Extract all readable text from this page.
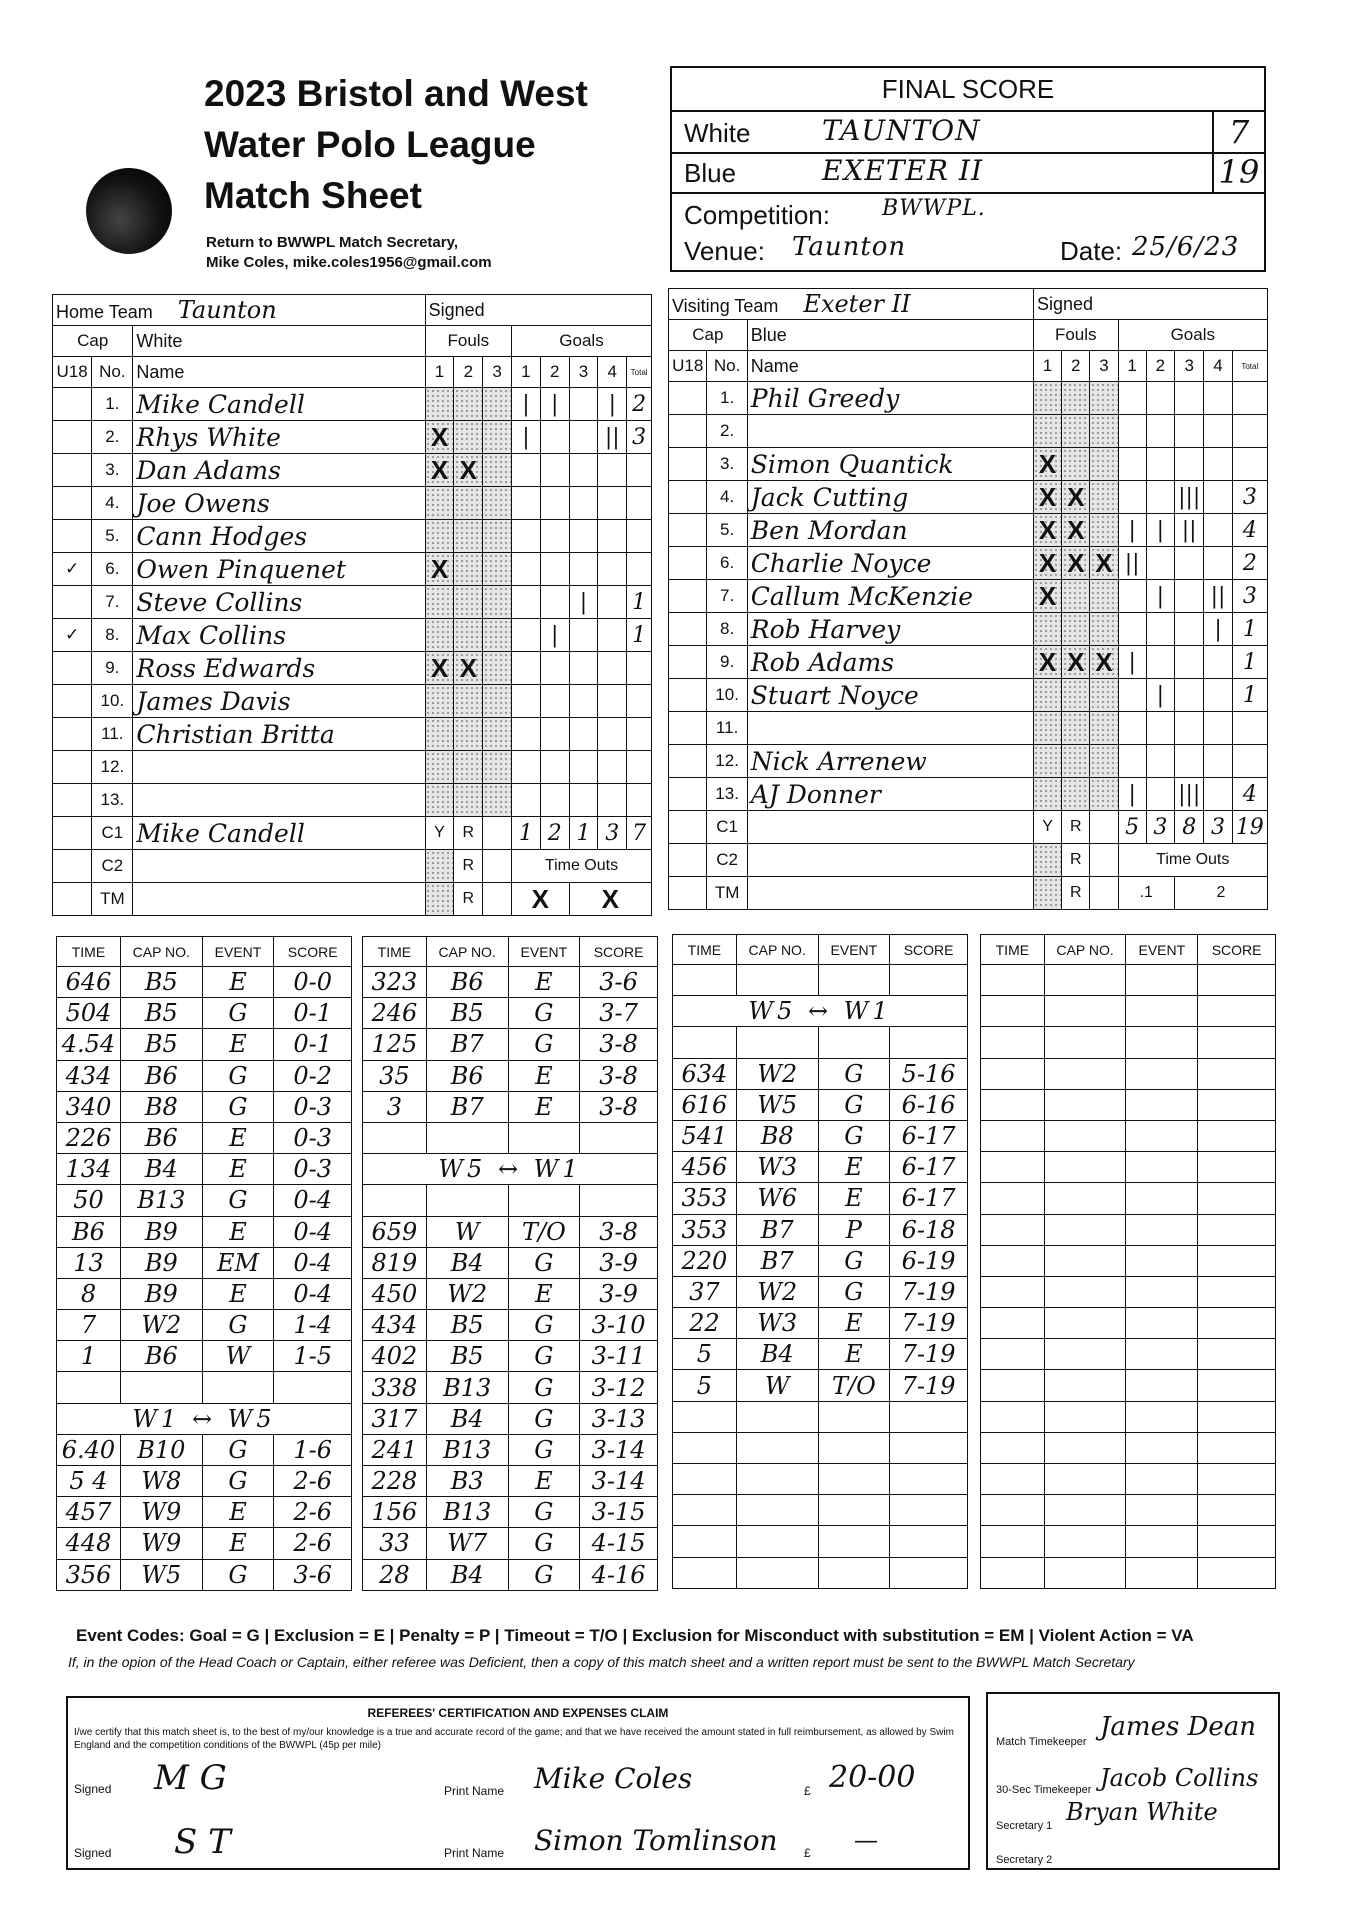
2023 Bristol and West
Water Polo League
Match Sheet
Return to BWWPL Match Secretary,
Mike Coles, mike.coles1956@gmail.com
FINAL SCORE
White	TAUNTON	7
Blue	EXETER II	19
Competition: BWWPL.
Venue: Taunton	Date: 25/6/23
Home Team Taunton			Signed							
Cap		White	Fouls			Goals				
U18	No.	Name	1	2	3	1	2	3	4	Total
	1.	Mike Candell				|	|		|	2
	2.	Rhys White	X			|			||	3
	3.	Dan Adams	X	X						
	4.	Joe Owens								
	5.	Cann Hodges								
✓	6.	Owen Pinquenet	X							
	7.	Steve Collins						|		1
✓	8.	Max Collins					|			1
	9.	Ross Edwards	X	X						
	10.	James Davis								
	11.	Christian Britta								
	12.									
	13.									
	C1	Mike Candell	Y	R		1	2	1	3	7
	C2			R		Time Outs				
	TM			R		X		X		
Visiting Team Exeter II			Signed							
Cap		Blue	Fouls			Goals				
U18	No.	Name	1	2	3	1	2	3	4	Total
	1.	Phil Greedy								
	2.									
	3.	Simon Quantick	X							
	4.	Jack Cutting	X	X				|||		3
	5.	Ben Mordan	X	X		|	|	||		4
	6.	Charlie Noyce	X	X	X	||				2
	7.	Callum McKenzie	X				|		||	3
	8.	Rob Harvey							|	1
	9.	Rob Adams	X	X	X	|				1
	10.	Stuart Noyce					|			1
	11.									
	12.	Nick Arrenew								
	13.	AJ Donner				|		|||		4
	C1		Y	R		5	3	8	3	19
	C2			R		Time Outs				
	TM			R		.1		2		
TIME	CAP NO.	EVENT	SCORE
646	B5	E	0-0
504	B5	G	0-1
4.54	B5	E	0-1
434	B6	G	0-2
340	B8	G	0-3
226	B6	E	0-3
134	B4	E	0-3
50	B13	G	0-4
B6	B9	E	0-4
13	B9	EM	0-4
8	B9	E	0-4
7	W2	G	1-4
1	B6	W	1-5

W1 ↔ W5			
6.40	B10	G	1-6
5 4	W8	G	2-6
457	W9	E	2-6
448	W9	E	2-6
356	W5	G	3-6
TIME	CAP NO.	EVENT	SCORE
323	B6	E	3-6
246	B5	G	3-7
125	B7	G	3-8
35	B6	E	3-8
3	B7	E	3-8

W5 ↔ W1			

659	W	T/O	3-8
819	B4	G	3-9
450	W2	E	3-9
434	B5	G	3-10
402	B5	G	3-11
338	B13	G	3-12
317	B4	G	3-13
241	B13	G	3-14
228	B3	E	3-14
156	B13	G	3-15
33	W7	G	4-15
28	B4	G	4-16
TIME	CAP NO.	EVENT	SCORE

W5 ↔ W1			

634	W2	G	5-16
616	W5	G	6-16
541	B8	G	6-17
456	W3	E	6-17
353	W6	E	6-17
353	B7	P	6-18
220	B7	G	6-19
37	W2	G	7-19
22	W3	E	7-19
5	B4	E	7-19
5	W	T/O	7-19

TIME	CAP NO.	EVENT	SCORE

Event Codes: Goal = G | Exclusion = E | Penalty = P | Timeout = T/O | Exclusion for Misconduct with substitution = EM | Violent Action = VA
If, in the opion of the Head Coach or Captain, either referee was Deficient, then a copy of this match sheet and a written report must be sent to the BWWPL Match Secretary
REFEREES' CERTIFICATION AND EXPENSES CLAIM
I/we certify that this match sheet is, to the best of my/our knowledge is a true and accurate record of the game; and that we have received the amount stated in full reimbursement, as allowed by Swim England and the competition conditions of the BWWPL (45p per mile)
Signed M G	Print Name Mike Coles	£ 20-00
Signed S T	Print Name Simon Tomlinson £ —
Match Timekeeper James Dean
30-Sec Timekeeper Jacob Collins
Secretary 1 Bryan White
Secretary 2
